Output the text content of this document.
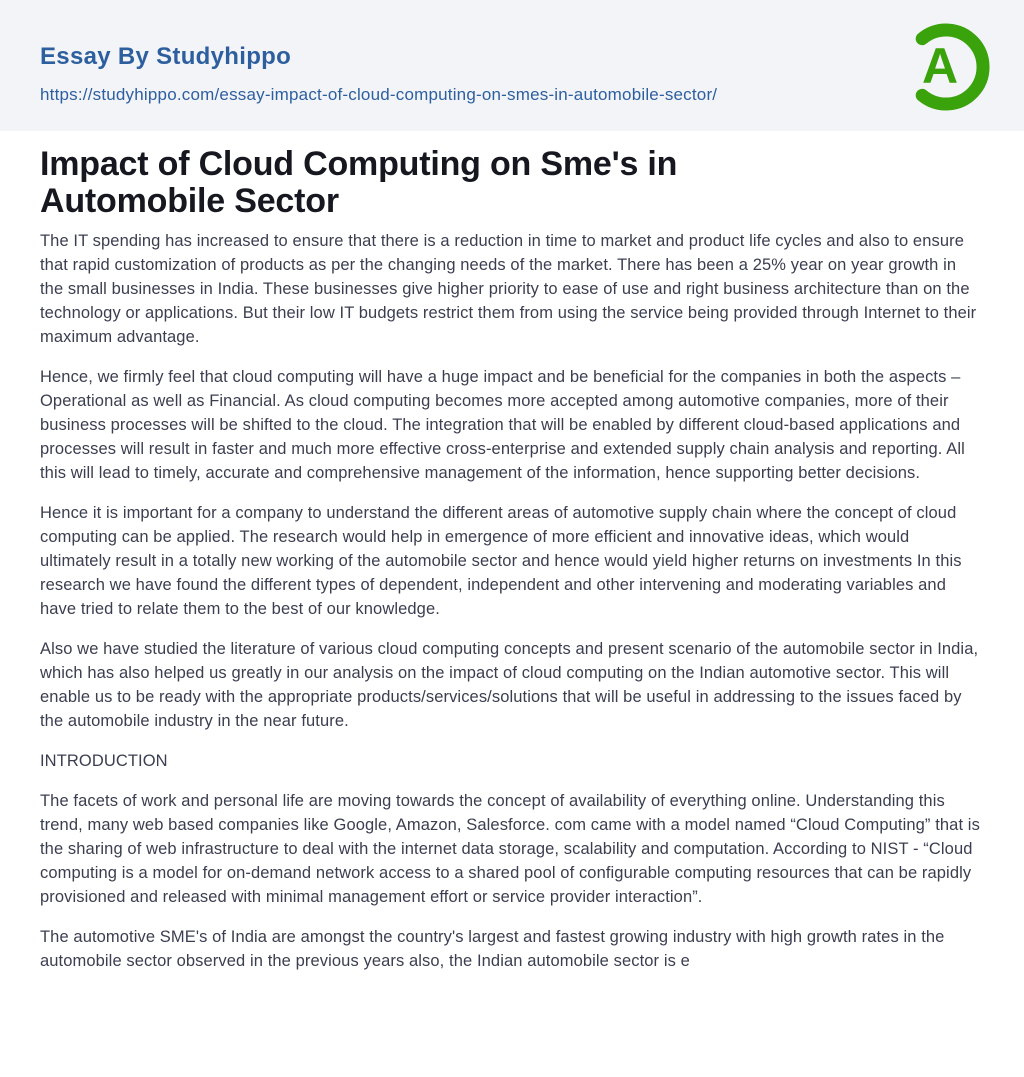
Essay By Studyhippo
https://studyhippo.com/essay-impact-of-cloud-computing-on-smes-in-automobile-sector/
A
Impact of Cloud Computing on Sme's in Automobile Sector

The IT spending has increased to ensure that there is a reduction in time to market and product life cycles and also to ensure that rapid customization of products as per the changing needs of the market. There has been a 25% year on year growth in the small businesses in India. These businesses give higher priority to ease of use and right business architecture than on the technology or applications. But their low IT budgets restrict them from using the service being provided through Internet to their maximum advantage.

Hence, we firmly feel that cloud computing will have a huge impact and be beneficial for the companies in both the aspects –Operational as well as Financial. As cloud computing becomes more accepted among automotive companies, more of their business processes will be shifted to the cloud. The integration that will be enabled by different cloud-based applications and processes will result in faster and much more effective cross-enterprise and extended supply chain analysis and reporting. All this will lead to timely, accurate and comprehensive management of the information, hence supporting better decisions.

Hence it is important for a company to understand the different areas of automotive supply chain where the concept of cloud computing can be applied. The research would help in emergence of more efficient and innovative ideas, which would ultimately result in a totally new working of the automobile sector and hence would yield higher returns on investments In this research we have found the different types of dependent, independent and other intervening and moderating variables and have tried to relate them to the best of our knowledge.

Also we have studied the literature of various cloud computing concepts and present scenario of the automobile sector in India, which has also helped us greatly in our analysis on the impact of cloud computing on the Indian automotive sector. This will enable us to be ready with the appropriate products/services/solutions that will be useful in addressing to the issues faced by the automobile industry in the near future.

INTRODUCTION

The facets of work and personal life are moving towards the concept of availability of everything online. Understanding this trend, many web based companies like Google, Amazon, Salesforce. com came with a model named “Cloud Computing” that is the sharing of web infrastructure to deal with the internet data storage, scalability and computation. According to NIST - “Cloud computing is a model for on-demand network access to a shared pool of configurable computing resources that can be rapidly provisioned and released with minimal management effort or service provider interaction”.

The automotive SME's of India are amongst the country's largest and fastest growing industry with high growth rates in the automobile sector observed in the previous years also, the Indian automobile sector is e
